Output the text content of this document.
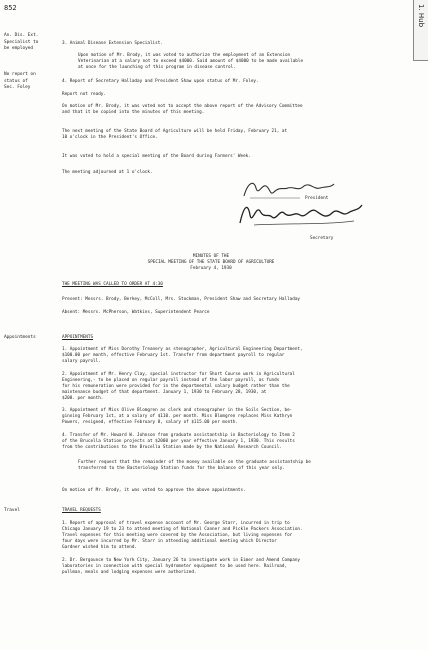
852	1. Hub
An. Dis. Ext.
Specialist to
be employed
No report on
status of
Sec. Foley
Appointments
Travel
3. Animal Disease Extension Specialist.
Upon motion of Mr. Brody, it was voted to authorize the employment of an Extension
Veterinarian at a salary not to exceed $4000. Said amount of $4000 to be made available
at once for the launching of this program in disease control.
4. Report of Secretary Halladay and President Shaw upon status of Mr. Foley.
Report not ready.
On motion of Mr. Brody, it was voted not to accept the above report of the Advisory Committee
and that it be copied into the minutes of this meeting.
The next meeting of the State Board of Agriculture will be held Friday, February 21, at
10 o'clock in the President's Office.
It was voted to hold a special meeting of the Board during Farmers' Week.
The meeting adjourned at 1 o'clock.
President
Secretary
MINUTES OF THE
SPECIAL MEETING OF THE STATE BOARD OF AGRICULTURE
February 4, 1930
THE MEETING WAS CALLED TO ORDER AT 4:30
Present: Messrs. Brody, Berkey, McColl, Mrs. Stockman, President Shaw and Secretary Halladay
Absent: Messrs. McPherson, Watkins, Superintendent Pearce
APPOINTMENTS
1. Appointment of Miss Dorothy Treanery as stenographer, Agricultural Engineering Department,
$100.00 per month, effective February 1st. Transfer from department payroll to regular
salary payroll.
2. Appointment of Mr. Henry Clay, special instructor for Short Course work in Agricultural
Engineering,- to be placed on regular payroll instead of the labor payroll, as funds
for his remuneration were provided for in the departmental salary budget rather than the
maintenance budget of that department. January 1, 1930 to February 28, 1930, at
$208. per month.
3. Appointment of Miss Olive Blomgren as clerk and stenographer in the Soils Section, be-
ginning February 1st, at a salary of $110. per month. Miss Blomgren replaces Miss Kathryn
Powers, resigned, effective February 8, salary of $115.00 per month.
4. Transfer of Mr. Howard W. Johnson from graduate assistantship in Bacteriology to Item 2
of the Brucella Station projects at $2000 per year effective January 1, 1930. This results
from the contributions to the Brucella Station made by the National Research Council.
Further request that the remainder of the money available on the graduate assistantship be
transferred to the Bacteriology Station funds for the balance of this year only.
On motion of Mr. Brody, it was voted to approve the above appointments.
TRAVEL REQUESTS
1. Report of approval of travel expense account of Mr. George Starr, incurred in trip to
Chicago January 19 to 23 to attend meeting of National Canner and Pickle Packers Association.
Travel expenses for this meeting were covered by the Association, but living expenses for
four days were incurred by Mr. Starr in attending additional meeting which Director
Gardner wished him to attend.
2. Dr. Bergounce to New York City, January 26 to investigate work in Eimer and Amend Company
laboratories in connection with special hydrometer equipment to be used here. Railroad,
pullman, meals and lodging expenses were authorized.
